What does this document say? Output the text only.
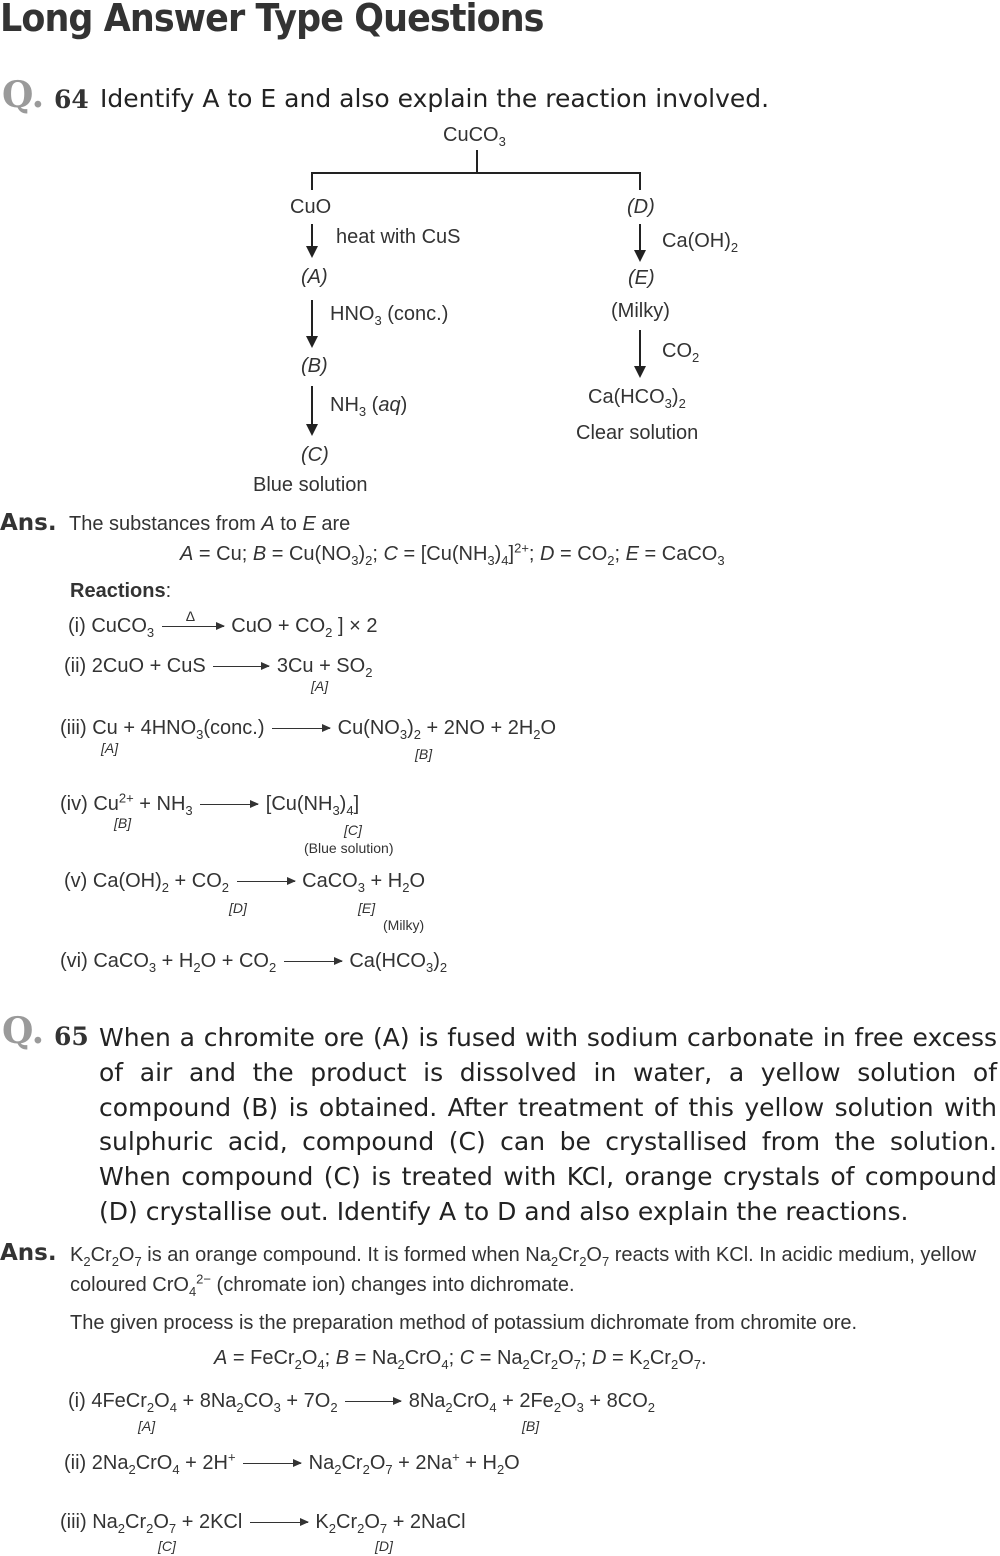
Long Answer Type Questions
Q. 64 Identify A to E and also explain the reaction involved.
CuCO$_3$
CuO
heat with CuS
(A)
$HNO_3$ (conc.)
(B)
$NH_3$ (aq)
(C)
Blue solution
(D)
$Ca(OH)_2$
(E)
(Milky)
$CO_2$
$Ca(HCO_3)_2$
Clear solution
Ans. The substances from A to E are
A = Cu; $B = Cu(NO_3)_2$; $C = [Cu(NH_3)_4]^{2+}$; $D = CO_2$; E = CaCO$_3$
Reactions:
(i) CuCO$_3$
Δ CuO + $CO_2$ ] × 2
(ii) 2CuO + CuS	$3Cu + SO_2$
[A]
(iii) $Cu + 4HNO_3(conc.)$	$Cu(NO_3)_2 + 2NO + 2H_2O$
[A]	[B]
(iv) $Cu^{2+} + NH_3$	$[Cu(NH_3)_4]$
[B]	[C]
(Blue solution)
(v) $Ca(OH)_2 + CO_2$	CaCO$_3$ + $H_2O$
[D]	[E]
(Milky)
(vi) CaCO$_3$ + $H_2O + CO_2$	$Ca(HCO_3)_2$
Q. 65 When a chromite ore (A) is fused with sodium carbonate in free excess of air and the product is dissolved in water, a yellow solution of compound (B) is obtained. After treatment of this yellow solution with sulphuric acid, compound (C) can be crystallised from the solution. When compound (C) is treated with KCl, orange crystals of compound (D) crystallise out. Identify A to D and also explain the reactions.
Ans. $K_2Cr_2O_7$ is an orange compound. It is formed when $Na_2Cr_2O_7$ reacts with KCl. In acidic medium, yellow coloured CrO$_4^{2-}$ (chromate ion) changes into dichromate.
The given process is the preparation method of potassium dichromate from chromite ore.
$A = FeCr_2O_4$; $B = Na_2CrO_4$; $C = Na_2Cr_2O_7$; $D = K_2Cr_2O_7$.
(i) $4FeCr_2O_4 + 8Na_2CO_3 + 7O_2$	$8Na_2CrO_4 + 2Fe_2O_3 + 8CO_2$
[A]	[B]
(ii) $2Na_2CrO_4 + 2H^+$	$Na_2Cr_2O_7 + 2Na^+ + H_2O$
(iii) $Na_2Cr_2O_7 + 2KCl$	$K_2Cr_2O_7$ + 2NaCl
[C]	[D]
